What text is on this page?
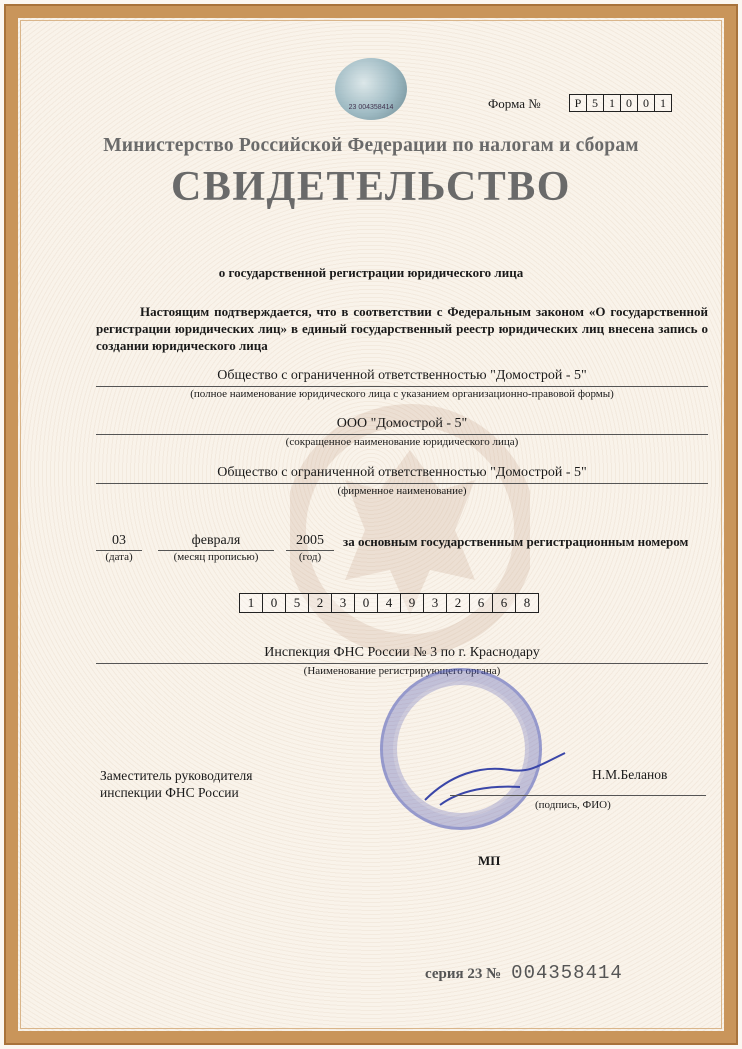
23 004358414	Форма №	Р 5 1 0 0 1
Министерство Российской Федерации по налогам и сборам
СВИДЕТЕЛЬСТВО
о государственной регистрации юридического лица
Настоящим подтверждается, что в соответствии с Федеральным законом «О государственной регистрации юридических лиц» в единый государственный реестр юридических лиц внесена запись о создании юридического лица
Общество с ограниченной ответственностью "Домострой - 5"
(полное наименование юридического лица с указанием организационно-правовой формы)
ООО "Домострой - 5"
(сокращенное наименование юридического лица)
Общество с ограниченной ответственностью "Домострой - 5"
(фирменное наименование)
03
(дата)
февраля
(месяц прописью)
2005
(год)
за основным государственным регистрационным номером
1	0	5	2	3	0	4	9	3	2	6	6	8
Инспекция ФНС России № 3 по г. Краснодару
(Наименование регистрирующего органа)
Заместитель руководителя
инспекции ФНС России
Н.М.Беланов
(подпись, ФИО)
МП
серия 23 № 004358414
